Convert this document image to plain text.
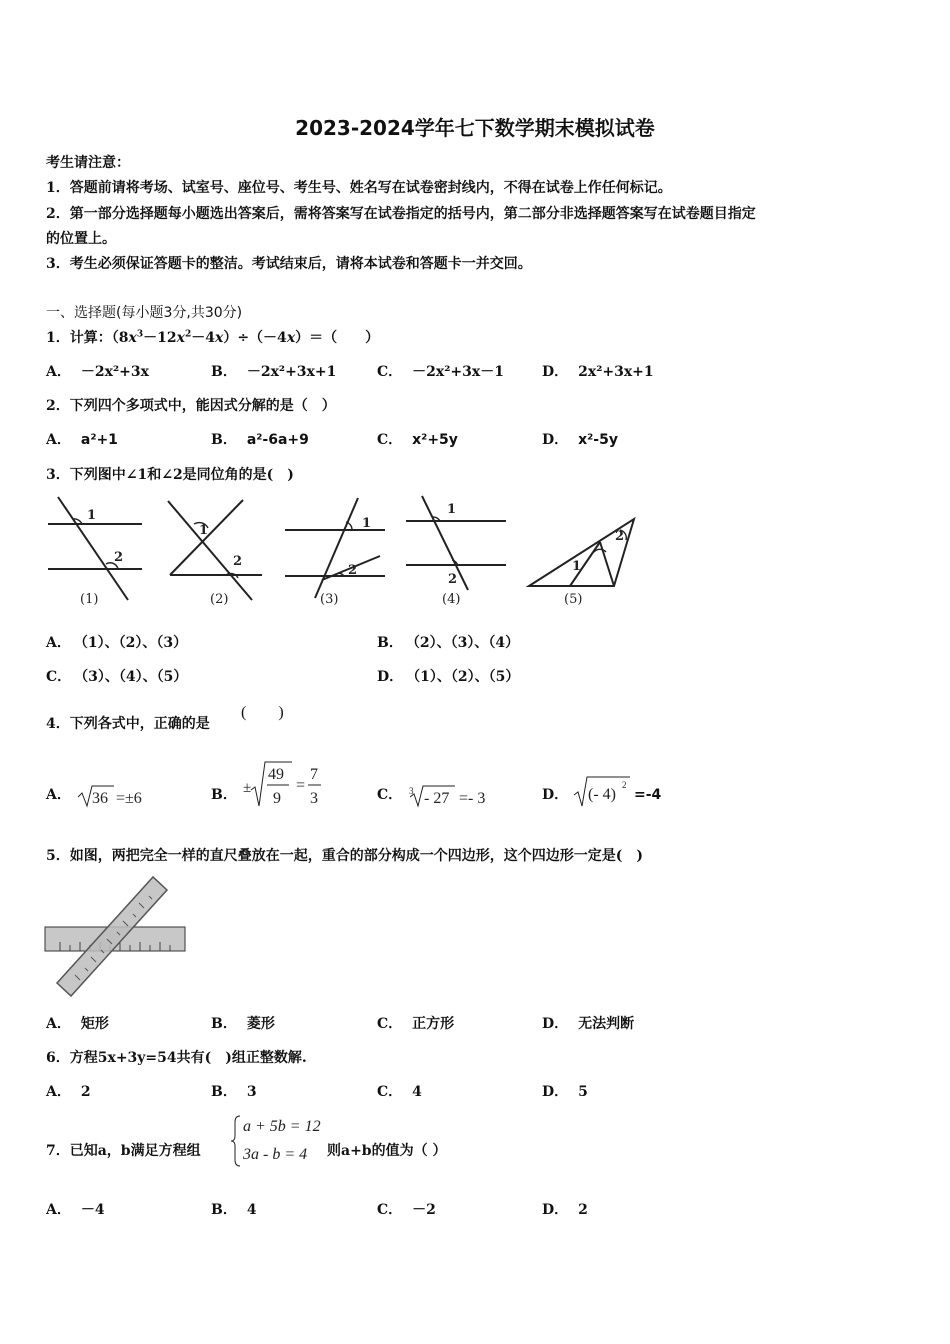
2023-2024学年七下数学期末模拟试卷
考生请注意：
1．答题前请将考场、试室号、座位号、考生号、姓名写在试卷密封线内，不得在试卷上作任何标记。
2．第一部分选择题每小题选出答案后，需将答案写在试卷指定的括号内，第二部分非选择题答案写在试卷题目指定
的位置上。
3．考生必须保证答题卡的整洁。考试结束后，请将本试卷和答题卡一并交回。
一、选择题(每小题3分,共30分)
1．计算：$(8x^3-12x^2-4x)\div(-4x)=$（　　）
A． －2x²+3x	B． －2x²+3x+1	C． －2x²+3x－1	D． 2x²+3x+1
2．下列四个多项式中，能因式分解的是（　）
A． a²+1	B． a²-6a+9	C． x²+5y	D． x²-5y
3．下列图中∠1和∠2是同位角的是(　)
1
2
1
2
1
2
1
2
1
2
(1)	(2)	(3)	(4)	(5)
A． （1）、（2）、（3）	B． （2）、（3）、（4）
C． （3）、（4）、（5）	D． （1）、（2）、（5）
4．下列各式中，正确的是
(　　)
A． 36 =±6	B． ±
49
9
=
7
3	C． 3 - 27 =- 3	D． (- 4)
2
=-4
5．如图，两把完全一样的直尺叠放在一起，重合的部分构成一个四边形，这个四边形一定是(　)
A． 矩形	B． 菱形	C． 正方形	D． 无法判断
6．方程5x+3y=54共有(　)组正整数解.
A． 2	B． 3	C． 4	D． 5
7．已知a，b满足方程组
a + 5b = 12
3a - b = 4 则a+b的值为（ ）
A． －4	B． 4	C． －2	D． 2
